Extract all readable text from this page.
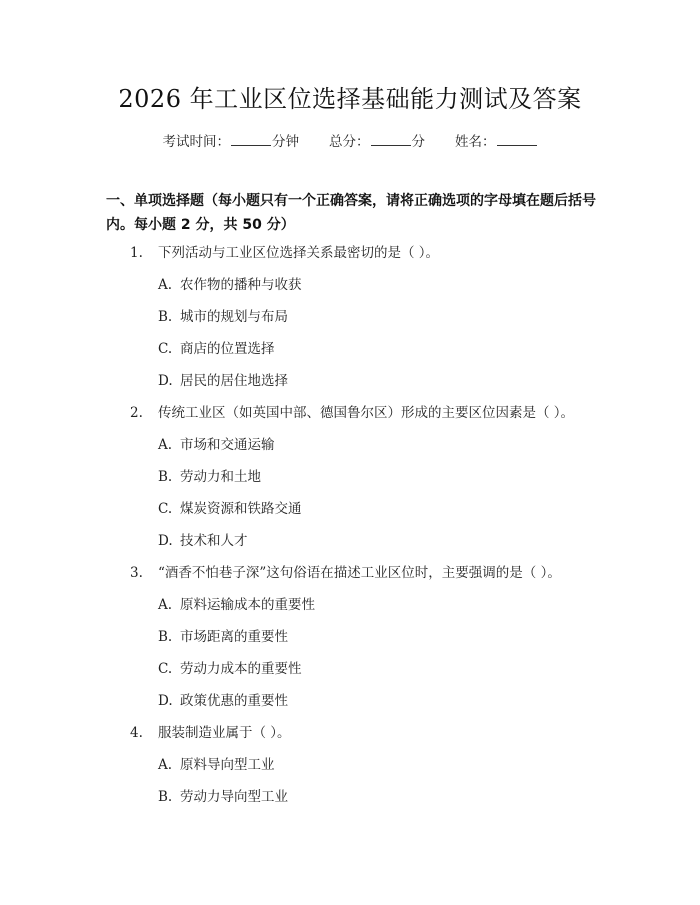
2026 年工业区位选择基础能力测试及答案
考试时间：	分钟 总分：	分 姓名：
一、单项选择题（每小题只有一个正确答案，请将正确选项的字母填在题后括号内。每小题 2 分，共 50 分）
1. 下列活动与工业区位选择关系最密切的是（ ）。
A. 农作物的播种与收获
B. 城市的规划与布局
C. 商店的位置选择
D. 居民的居住地选择
2. 传统工业区（如英国中部、德国鲁尔区）形成的主要区位因素是（ ）。
A. 市场和交通运输
B. 劳动力和土地
C. 煤炭资源和铁路交通
D. 技术和人才
3. “酒香不怕巷子深”这句俗语在描述工业区位时，主要强调的是（ ）。
A. 原料运输成本的重要性
B. 市场距离的重要性
C. 劳动力成本的重要性
D. 政策优惠的重要性
4. 服装制造业属于（ ）。
A. 原料导向型工业
B. 劳动力导向型工业
